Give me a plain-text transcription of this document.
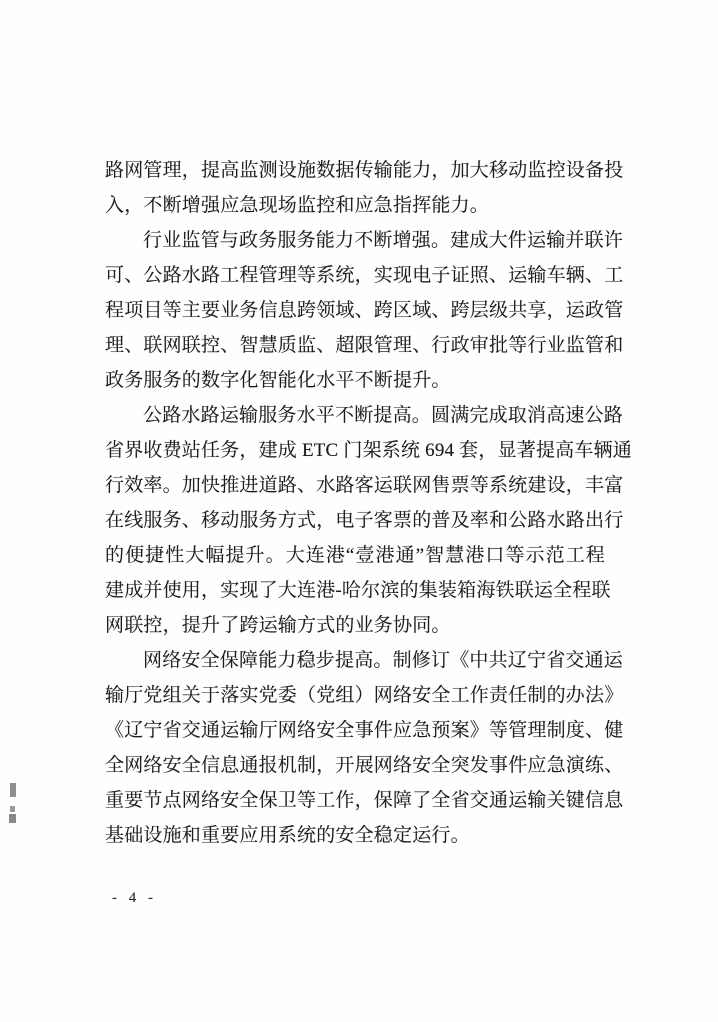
路网管理，提高监测设施数据传输能力，加大移动监控设备投
入，不断增强应急现场监控和应急指挥能力。
行业监管与政务服务能力不断增强。建成大件运输并联许
可、公路水路工程管理等系统，实现电子证照、运输车辆、工
程项目等主要业务信息跨领域、跨区域、跨层级共享，运政管
理、联网联控、智慧质监、超限管理、行政审批等行业监管和
政务服务的数字化智能化水平不断提升。
公路水路运输服务水平不断提高。圆满完成取消高速公路
省界收费站任务，建成 ETC 门架系统 694 套，显著提高车辆通
行效率。加快推进道路、水路客运联网售票等系统建设，丰富
在线服务、移动服务方式，电子客票的普及率和公路水路出行
的便捷性大幅提升。大连港“壹港通”智慧港口等示范工程
建成并使用，实现了大连港-哈尔滨的集装箱海铁联运全程联
网联控，提升了跨运输方式的业务协同。
网络安全保障能力稳步提高。制修订《中共辽宁省交通运
输厅党组关于落实党委（党组）网络安全工作责任制的办法》
《辽宁省交通运输厅网络安全事件应急预案》等管理制度、健
全网络安全信息通报机制，开展网络安全突发事件应急演练、
重要节点网络安全保卫等工作，保障了全省交通运输关键信息
基础设施和重要应用系统的安全稳定运行。
- 4 -
